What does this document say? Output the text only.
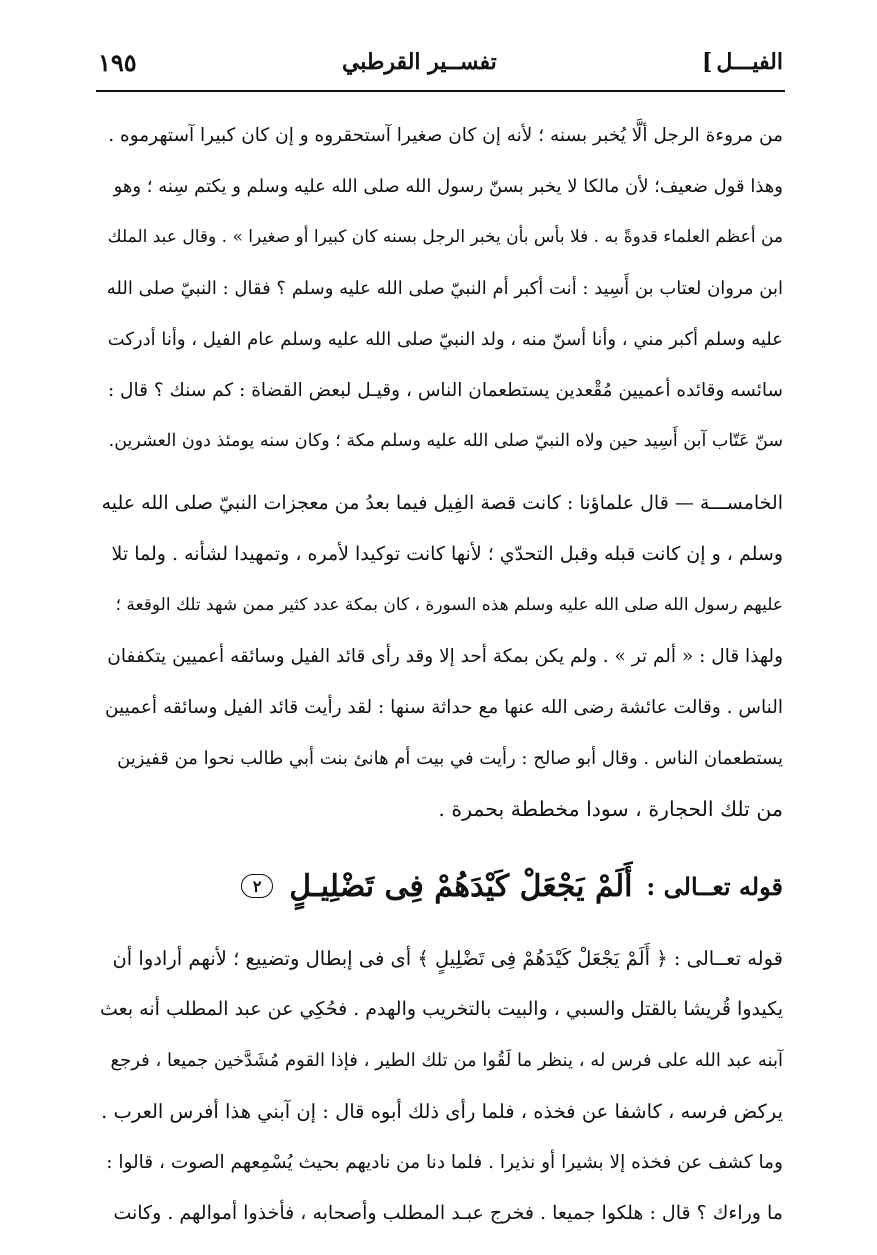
الفيـــل
]
تفســير القرطبي
١٩٥

من مروءة الرجل ألَّا يُخبر بسنه ؛ لأنه إن كان صغيرا آستحقروه و إن كان كبيرا آستهرموه .

وهذا قول ضعيف؛ لأن مالكا لا يخبر بسنّ رسول الله صلى الله عليه وسلم و يكتم سِنه ؛ وهو

من أعظم العلماء قدوةً به . فلا بأس بأن يخبر الرجل بسنه كان كبيرا أو صغيرا » . وقال عبد الملك

ابن مروان لعتاب بن أَسِيد : أنت أكبر أم النبيّ صلى الله عليه وسلم ؟ فقال : النبيّ صلى الله

عليه وسلم أكبر مني ، وأنا أسنّ منه ، ولد النبيّ صلى الله عليه وسلم عام الفيل ، وأنا أدركت

سائسه وقائده أعميين مُقْعدين يستطعمان الناس ، وقيـل لبعض القضاة : كم سنك ؟ قال :

سنّ عَتّاب آبن أَسِيد حين ولاه النبيّ صلى الله عليه وسلم مكة ؛ وكان سنه يومئذ دون العشرين.

الخامســـة — قال علماؤنا : كانت قصة الفِيل فيما بعدُ من معجزات النبيّ صلى الله عليه

وسلم ، و إن كانت قبله وقبل التحدّي ؛ لأنها كانت توكيدا لأمره ، وتمهيدا لشأنه . ولما تلا

عليهم رسول الله صلى الله عليه وسلم هذه السورة ، كان بمكة عدد كثير ممن شهد تلك الوقعة ؛

ولهذا قال : « ألم تر » . ولم يكن بمكة أحد إلا وقد رأى قائد الفيل وسائقه أعميين يتكففان

الناس . وقالت عائشة رضى الله عنها مع حداثة سنها : لقد رأيت قائد الفيل وسائقه أعميين

يستطعمان الناس . وقال أبو صالح : رأيت في بيت أم هانئ بنت أبي طالب نحوا من قفيزين

من تلك الحجارة ، سودا مخططة بحمرة .

قوله تعــالى :
أَلَمْ يَجْعَلْ كَيْدَهُمْ فِى تَضْلِيـلٍ
٢

قوله تعــالى : ﴿ أَلَمْ يَجْعَلْ كَيْدَهُمْ فِى تَضْلِيلٍ ﴾ أى فى إبطال وتضييع ؛ لأنهم أرادوا أن

يكيدوا قُريشا بالقتل والسبي ، والبيت بالتخريب والهدم . فحُكِي عن عبد المطلب أنه بعث

آبنه عبد الله على فرس له ، ينظر ما لَقُوا من تلك الطير ، فإذا القوم مُشَدَّخين جميعا ، فرجع

يركض فرسه ، كاشفا عن فخذه ، فلما رأى ذلك أبوه قال : إن آبني هذا أفرس العرب .

وما كشف عن فخذه إلا بشيرا أو نذيرا . فلما دنا من ناديهم بحيث يُسْمِعهم الصوت ، قالوا :

ما وراءك ؟ قال : هلكوا جميعا . فخرج عبـد المطلب وأصحابه ، فأخذوا أموالهم . وكانت
